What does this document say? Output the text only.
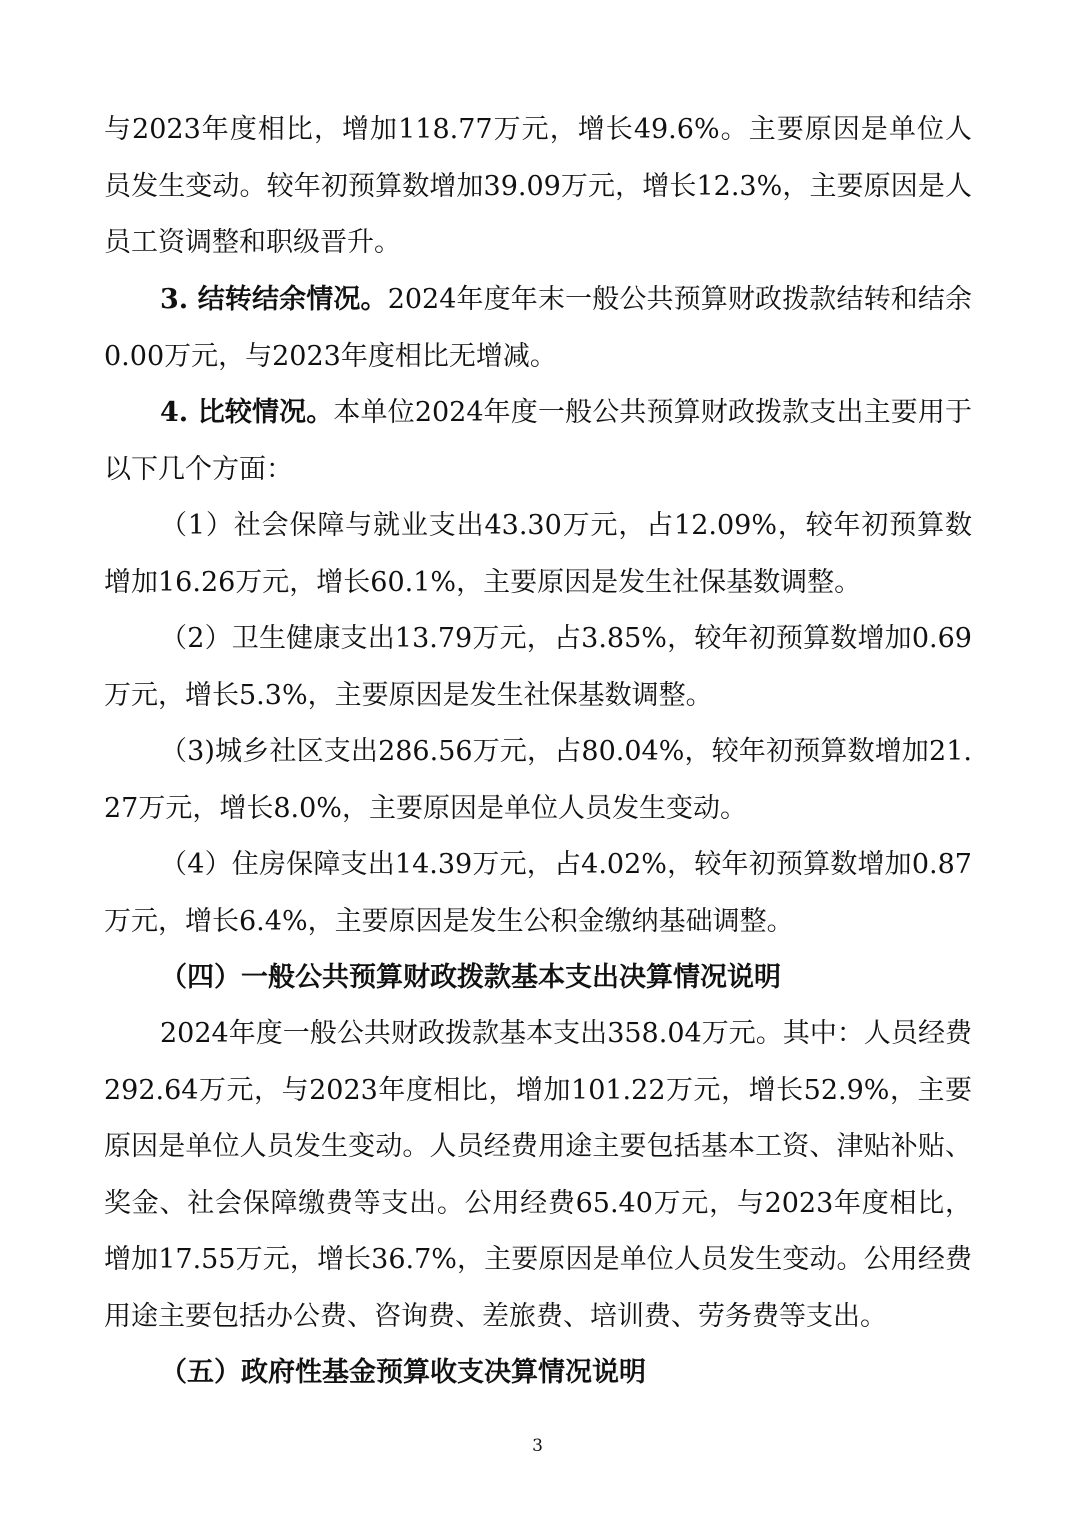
与2023年度相比，增加118.77万元，增长49.6%。主要原因是单位人员发生变动。较年初预算数增加39.09万元，增长12.3%，主要原因是人员工资调整和职级晋升。

3. 结转结余情况。2024年度年末一般公共预算财政拨款结转和结余0.00万元，与2023年度相比无增减。

4. 比较情况。本单位2024年度一般公共预算财政拨款支出主要用于以下几个方面：

（1）社会保障与就业支出43.30万元，占12.09%，较年初预算数增加16.26万元，增长60.1%，主要原因是发生社保基数调整。

（2）卫生健康支出13.79万元，占3.85%，较年初预算数增加0.69万元，增长5.3%，主要原因是发生社保基数调整。

（3)城乡社区支出286.56万元，占80.04%，较年初预算数增加21.27万元，增长8.0%，主要原因是单位人员发生变动。

（4）住房保障支出14.39万元，占4.02%，较年初预算数增加0.87万元，增长6.4%，主要原因是发生公积金缴纳基础调整。

（四）一般公共预算财政拨款基本支出决算情况说明

2024年度一般公共财政拨款基本支出358.04万元。其中：人员经费292.64万元，与2023年度相比，增加101.22万元，增长52.9%，主要原因是单位人员发生变动。人员经费用途主要包括基本工资、津贴补贴、奖金、社会保障缴费等支出。公用经费65.40万元，与2023年度相比，增加17.55万元，增长36.7%，主要原因是单位人员发生变动。公用经费用途主要包括办公费、咨询费、差旅费、培训费、劳务费等支出。

（五）政府性基金预算收支决算情况说明
3
